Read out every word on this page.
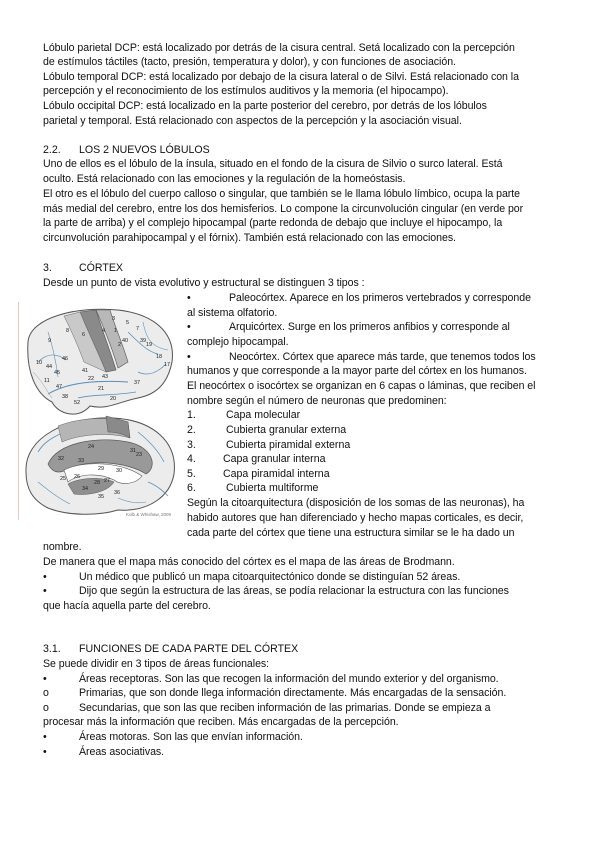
Lóbulo parietal DCP: está localizado por detrás de la cisura central. Setá localizado con la percepción
de estímulos táctiles (tacto, presión, temperatura y dolor), y con funciones de asociación.
Lóbulo temporal DCP: está localizado por debajo de la cisura lateral o de Silvi. Está relacionado con la
percepción y el reconocimiento de los estímulos auditivos y la memoria (el hipocampo).
Lóbulo occipital DCP: está localizado en la parte posterior del cerebro, por detrás de los lóbulos
parietal y temporal. Está relacionado con aspectos de la percepción y la asociación visual.
2.2. LOS 2 NUEVOS LÓBULOS
Uno de ellos es el lóbulo de la ínsula, situado en el fondo de la cisura de Silvio o surco lateral. Está
oculto. Está relacionado con las emociones y la regulación de la homeóstasis.
El otro es el lóbulo del cuerpo calloso o singular, que también se le llama lóbulo límbico, ocupa la parte
más medial del cerebro, entre los dos hemisferios. Lo compone la circunvolución cingular (en verde por
la parte de arriba) y el complejo hipocampal (parte redonda de debajo que incluye el hipocampo, la
circunvolución parahipocampal y el fórnix). También está relacionado con las emociones.
3.	CÓRTEX
Desde un punto de vista evolutivo y estructural se distinguen 3 tipos :
4
6
8
9
10
11
17
18
19
20
21
22
37
38
39
40
41
43
44
45
46
47
52
1
2
3
5
7
23
24
25 26
29 30
31
32	33
34
35
36
27
28
Kolb & Whishaw, 2009
•	Paleocórtex. Aparece en los primeros vertebrados y corresponde
al sistema olfatorio.
•	Arquicórtex. Surge en los primeros anfibios y corresponde al
complejo hipocampal.
•	Neocórtex. Córtex que aparece más tarde, que tenemos todos los
humanos y que corresponde a la mayor parte del córtex en los humanos.
El neocórtex o isocórtex se organizan en 6 capas o láminas, que reciben el
nombre según el número de neuronas que predominen:
1.	Capa molecular
2.	Cubierta granular externa
3.	Cubierta piramidal externa
4.	Capa granular interna
5.	Capa piramidal interna
6.	Cubierta multiforme
Según la citoarquitectura (disposición de los somas de las neuronas), ha
habido autores que han diferenciado y hecho mapas corticales, es decir,
cada parte del córtex que tiene una estructura similar se le ha dado un
nombre.
De manera que el mapa más conocido del córtex es el mapa de las áreas de Brodmann.
•	Un médico que publicó un mapa citoarquitectónico donde se distinguían 52 áreas.
•	Dijo que según la estructura de las áreas, se podía relacionar la estructura con las funciones
que hacía aquella parte del cerebro.
3.1. FUNCIONES DE CADA PARTE DEL CÓRTEX
Se puede dividir en 3 tipos de áreas funcionales:
•	Áreas receptoras. Son las que recogen la información del mundo exterior y del organismo.
o	Primarias, que son donde llega información directamente. Más encargadas de la sensación.
o	Secundarias, que son las que reciben información de las primarias. Donde se empieza a
procesar más la información que reciben. Más encargadas de la percepción.
•	Áreas motoras. Son las que envían información.
•	Áreas asociativas.
